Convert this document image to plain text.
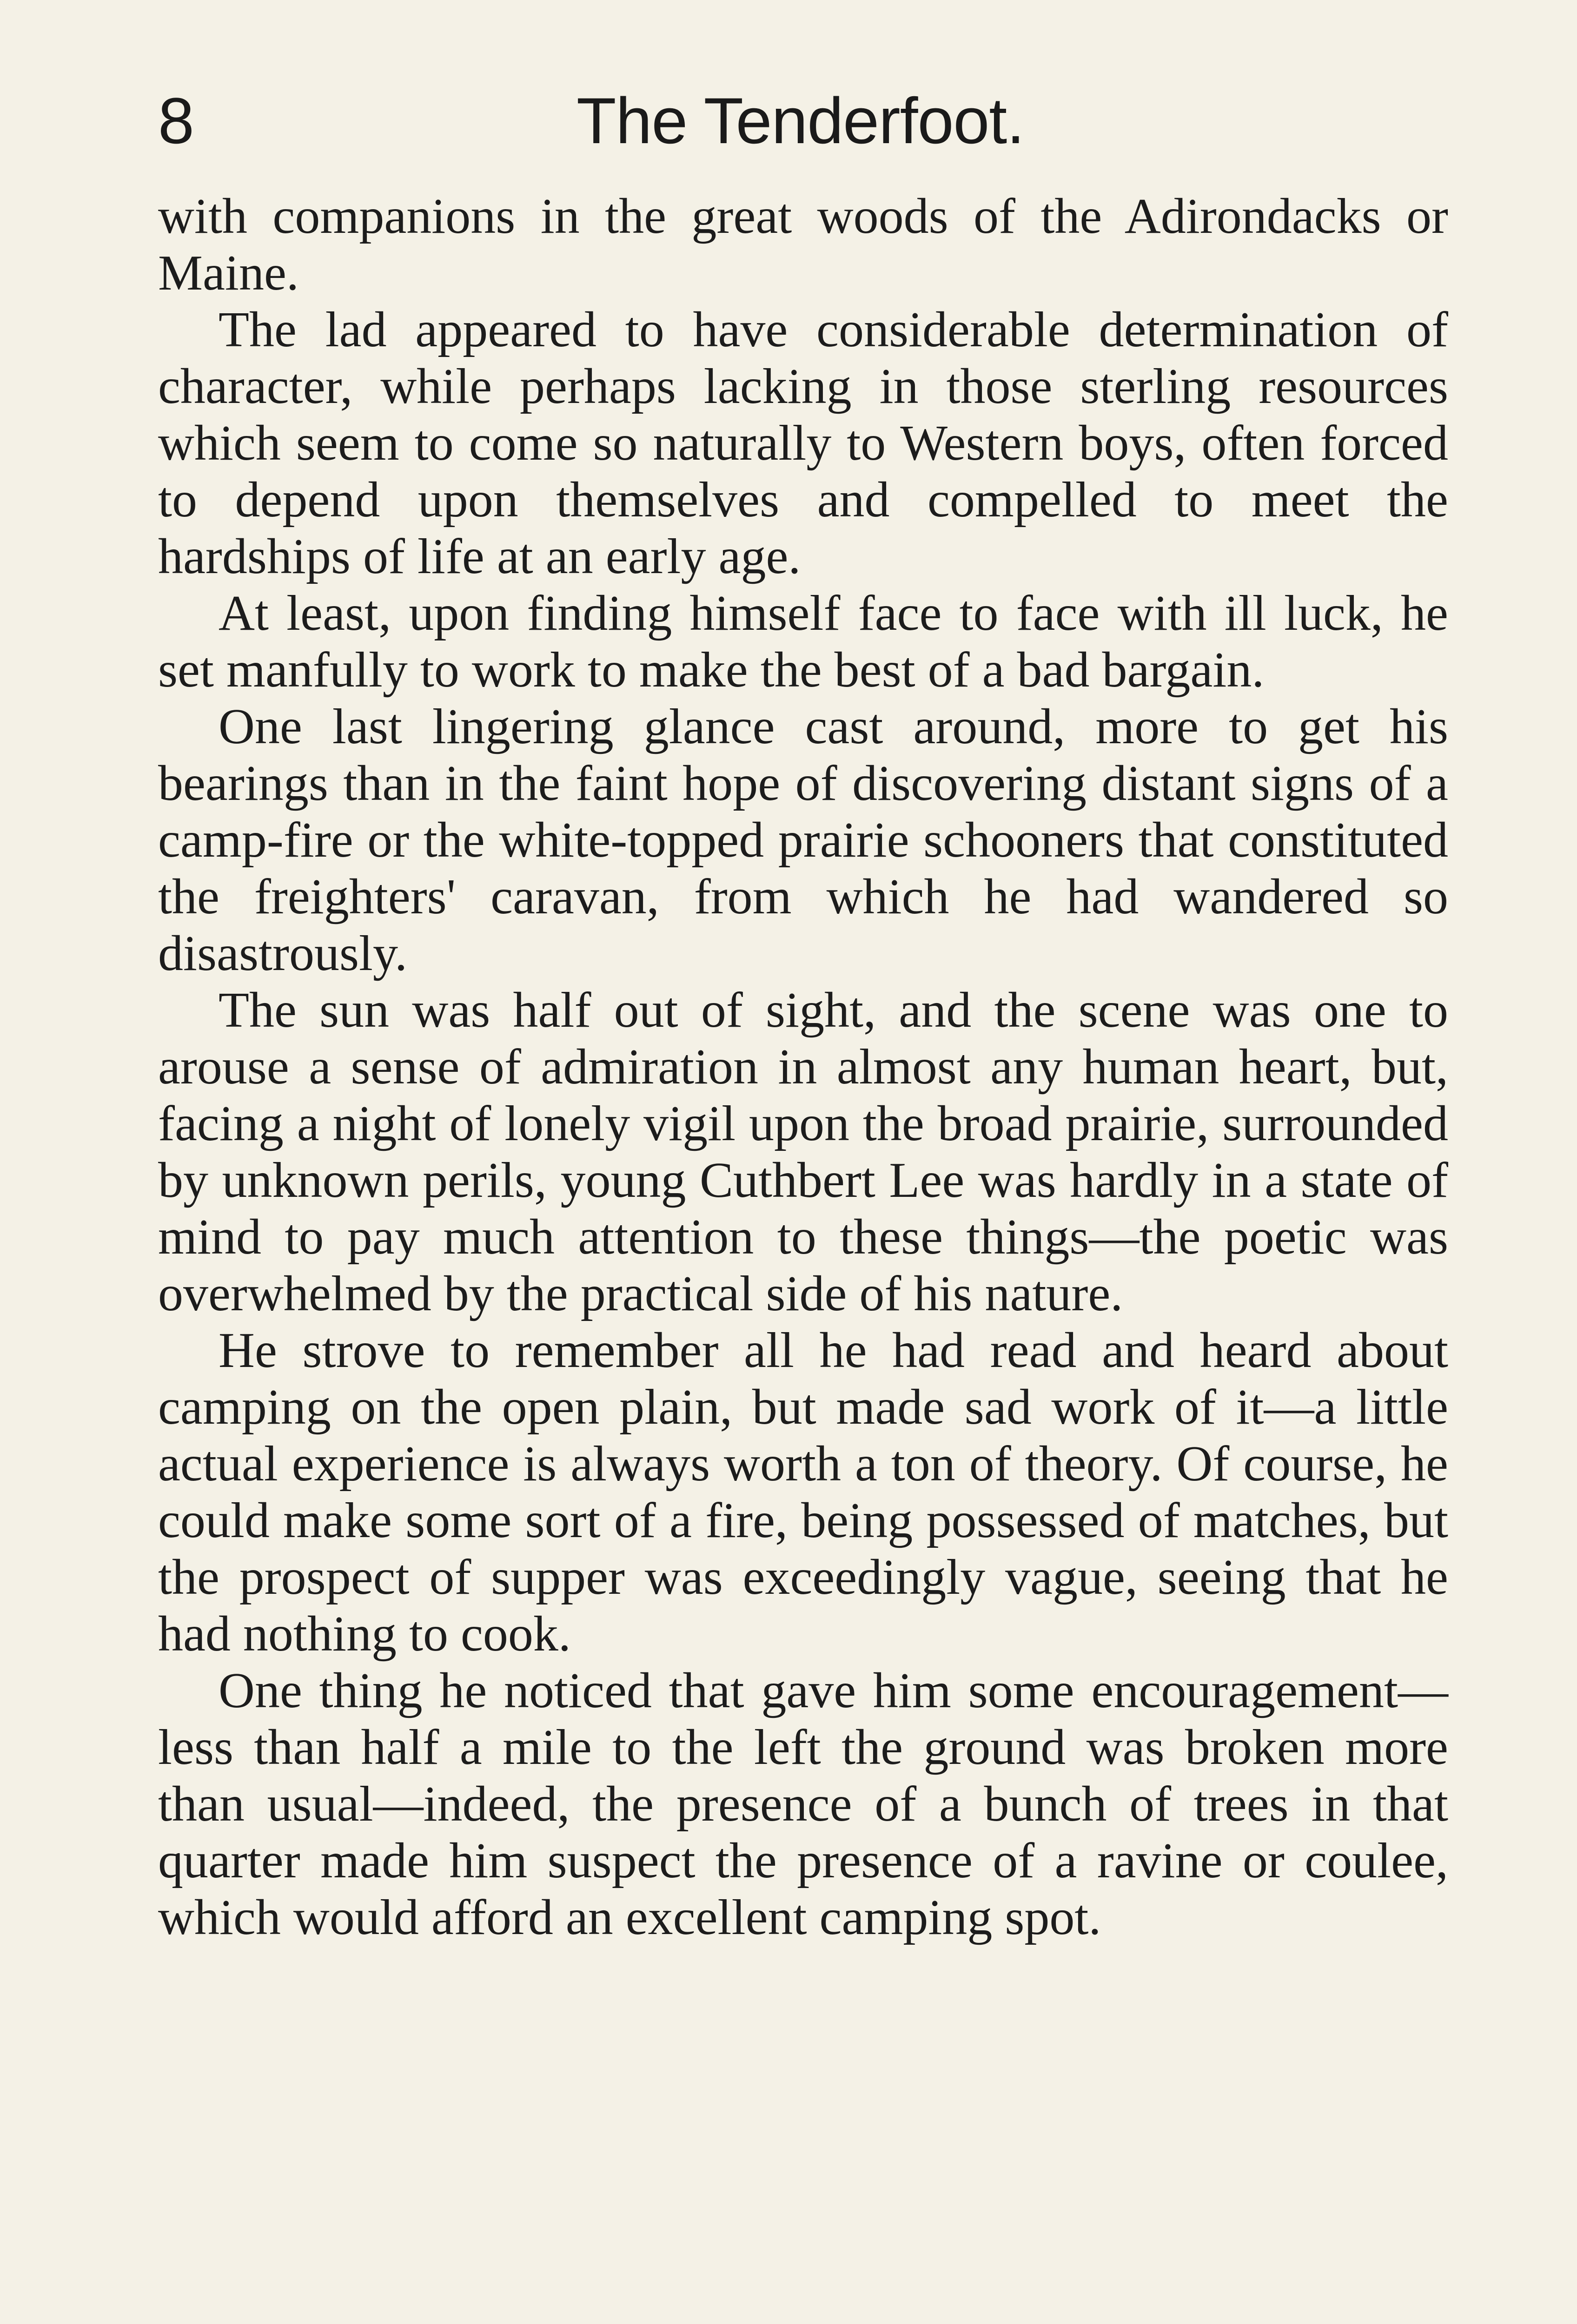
8	The Tenderfoot.

with companions in the great woods of the Adirondacks or Maine.

The lad appeared to have considerable determination of character, while perhaps lacking in those sterling resources which seem to come so naturally to Western boys, often forced to depend upon themselves and compelled to meet the hardships of life at an early age.

At least, upon finding himself face to face with ill luck, he set manfully to work to make the best of a bad bargain.

One last lingering glance cast around, more to get his bearings than in the faint hope of discovering distant signs of a camp-fire or the white-topped prairie schooners that constituted the freighters' caravan, from which he had wandered so disastrously.

The sun was half out of sight, and the scene was one to arouse a sense of admiration in almost any human heart, but, facing a night of lonely vigil upon the broad prairie, surrounded by unknown perils, young Cuthbert Lee was hardly in a state of mind to pay much attention to these things—the poetic was overwhelmed by the practical side of his nature.

He strove to remember all he had read and heard about camping on the open plain, but made sad work of it—a little actual experience is always worth a ton of theory. Of course, he could make some sort of a fire, being possessed of matches, but the prospect of supper was exceedingly vague, seeing that he had nothing to cook.

One thing he noticed that gave him some encouragement—less than half a mile to the left the ground was broken more than usual—indeed, the presence of a bunch of trees in that quarter made him suspect the presence of a ravine or coulee, which would afford an excellent camping spot.
